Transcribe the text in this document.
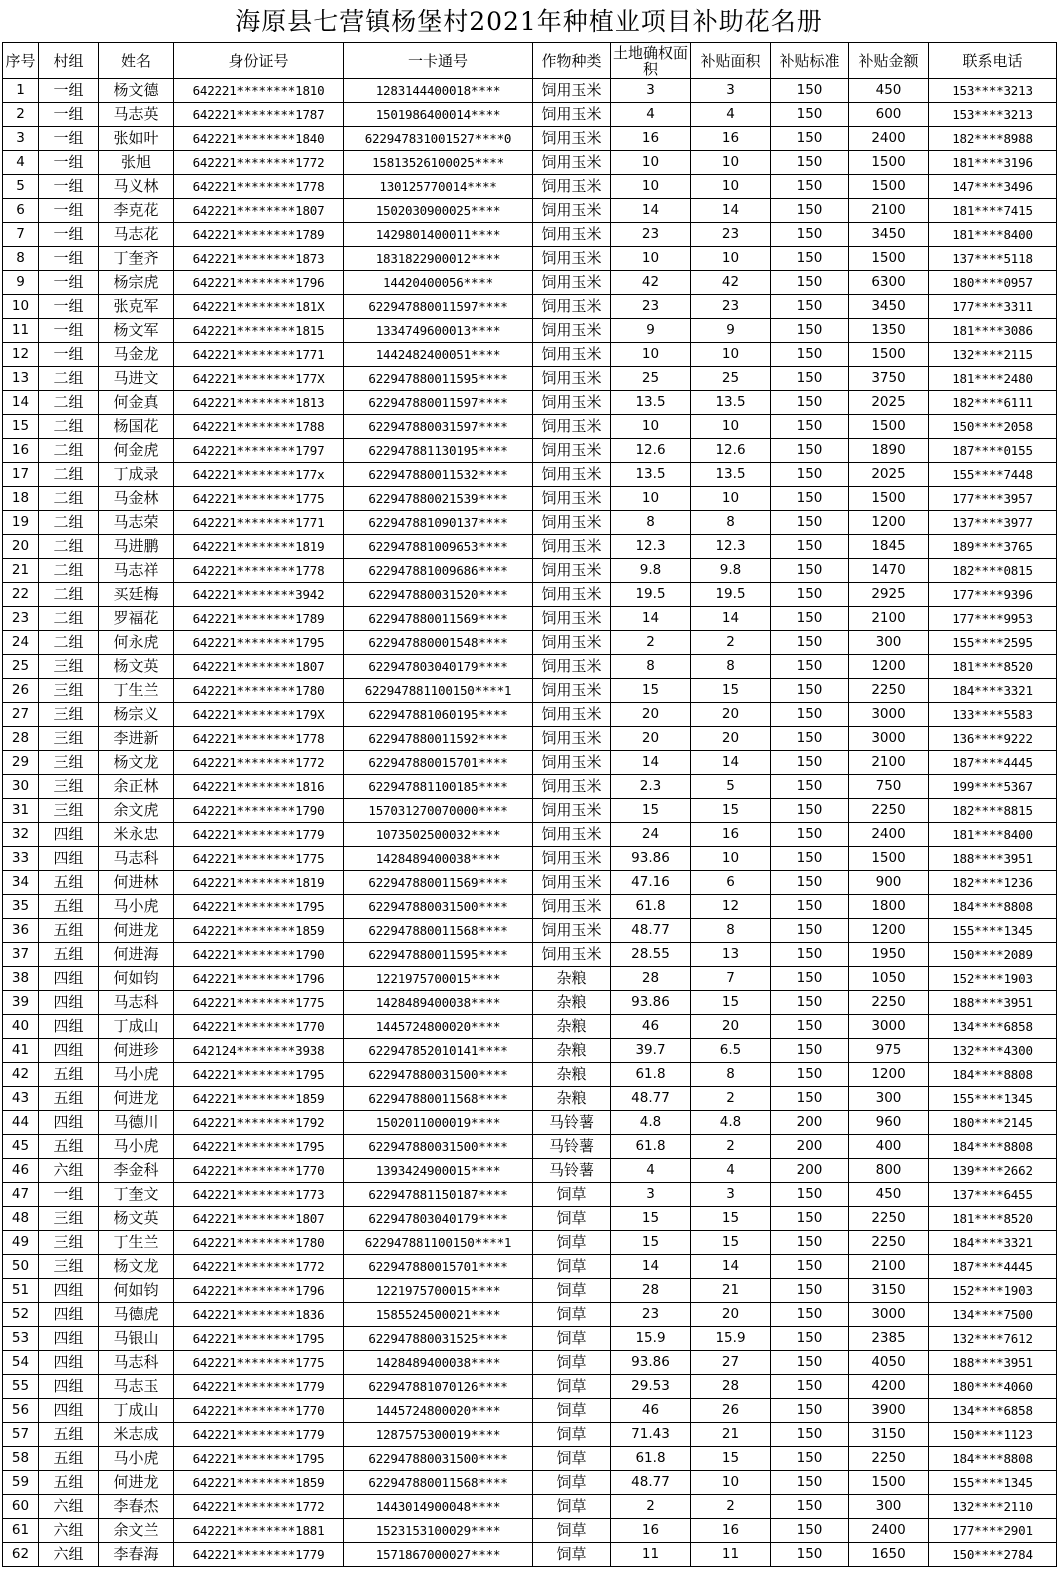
海原县七营镇杨堡村2021年种植业项目补助花名册
序号	村组	姓名	身份证号	一卡通号	作物种类	土地确权面积	补贴面积	补贴标准	补贴金额	联系电话
1	一组	杨文德	642221********1810	1283144400018****	饲用玉米	3	3	150	450	153****3213
2	一组	马志英	642221********1787	1501986400014****	饲用玉米	4	4	150	600	153****3213
3	一组	张如叶	642221********1840	622947831001527****0	饲用玉米	16	16	150	2400	182****8988
4	一组	张旭	642221********1772	15813526100025****	饲用玉米	10	10	150	1500	181****3196
5	一组	马义林	642221********1778	130125770014****	饲用玉米	10	10	150	1500	147****3496
6	一组	李克花	642221********1807	1502030900025****	饲用玉米	14	14	150	2100	181****7415
7	一组	马志花	642221********1789	1429801400011****	饲用玉米	23	23	150	3450	181****8400
8	一组	丁奎齐	642221********1873	1831822900012****	饲用玉米	10	10	150	1500	137****5118
9	一组	杨宗虎	642221********1796	14420400056****	饲用玉米	42	42	150	6300	180****0957
10	一组	张克军	642221********181X	622947880011597****	饲用玉米	23	23	150	3450	177****3311
11	一组	杨文军	642221********1815	1334749600013****	饲用玉米	9	9	150	1350	181****3086
12	一组	马金龙	642221********1771	1442482400051****	饲用玉米	10	10	150	1500	132****2115
13	二组	马进文	642221********177X	622947880011595****	饲用玉米	25	25	150	3750	181****2480
14	二组	何金真	642221********1813	622947880011597****	饲用玉米	13.5	13.5	150	2025	182****6111
15	二组	杨国花	642221********1788	622947880031597****	饲用玉米	10	10	150	1500	150****2058
16	二组	何金虎	642221********1797	622947881130195****	饲用玉米	12.6	12.6	150	1890	187****0155
17	二组	丁成录	642221********177x	622947880011532****	饲用玉米	13.5	13.5	150	2025	155****7448
18	二组	马金林	642221********1775	622947880021539****	饲用玉米	10	10	150	1500	177****3957
19	二组	马志荣	642221********1771	622947881090137****	饲用玉米	8	8	150	1200	137****3977
20	二组	马进鹏	642221********1819	622947881009653****	饲用玉米	12.3	12.3	150	1845	189****3765
21	二组	马志祥	642221********1778	622947881009686****	饲用玉米	9.8	9.8	150	1470	182****0815
22	二组	买廷梅	642221********3942	622947880031520****	饲用玉米	19.5	19.5	150	2925	177****9396
23	二组	罗福花	642221********1789	622947880011569****	饲用玉米	14	14	150	2100	177****9953
24	二组	何永虎	642221********1795	622947880001548****	饲用玉米	2	2	150	300	155****2595
25	三组	杨文英	642221********1807	622947803040179****	饲用玉米	8	8	150	1200	181****8520
26	三组	丁生兰	642221********1780	622947881100150****1	饲用玉米	15	15	150	2250	184****3321
27	三组	杨宗义	642221********179X	622947881060195****	饲用玉米	20	20	150	3000	133****5583
28	三组	李进新	642221********1778	622947880011592****	饲用玉米	20	20	150	3000	136****9222
29	三组	杨文龙	642221********1772	622947880015701****	饲用玉米	14	14	150	2100	187****4445
30	三组	余正林	642221********1816	622947881100185****	饲用玉米	2.3	5	150	750	199****5367
31	三组	余文虎	642221********1790	157031270070000****	饲用玉米	15	15	150	2250	182****8815
32	四组	米永忠	642221********1779	1073502500032****	饲用玉米	24	16	150	2400	181****8400
33	四组	马志科	642221********1775	1428489400038****	饲用玉米	93.86	10	150	1500	188****3951
34	五组	何进林	642221********1819	622947880011569****	饲用玉米	47.16	6	150	900	182****1236
35	五组	马小虎	642221********1795	622947880031500****	饲用玉米	61.8	12	150	1800	184****8808
36	五组	何进龙	642221********1859	622947880011568****	饲用玉米	48.77	8	150	1200	155****1345
37	五组	何进海	642221********1790	622947880011595****	饲用玉米	28.55	13	150	1950	150****2089
38	四组	何如钧	642221********1796	1221975700015****	杂粮	28	7	150	1050	152****1903
39	四组	马志科	642221********1775	1428489400038****	杂粮	93.86	15	150	2250	188****3951
40	四组	丁成山	642221********1770	1445724800020****	杂粮	46	20	150	3000	134****6858
41	四组	何进珍	642124********3938	622947852010141****	杂粮	39.7	6.5	150	975	132****4300
42	五组	马小虎	642221********1795	622947880031500****	杂粮	61.8	8	150	1200	184****8808
43	五组	何进龙	642221********1859	622947880011568****	杂粮	48.77	2	150	300	155****1345
44	四组	马德川	642221********1792	1502011000019****	马铃薯	4.8	4.8	200	960	180****2145
45	五组	马小虎	642221********1795	622947880031500****	马铃薯	61.8	2	200	400	184****8808
46	六组	李金科	642221********1770	1393424900015****	马铃薯	4	4	200	800	139****2662
47	一组	丁奎文	642221********1773	622947881150187****	饲草	3	3	150	450	137****6455
48	三组	杨文英	642221********1807	622947803040179****	饲草	15	15	150	2250	181****8520
49	三组	丁生兰	642221********1780	622947881100150****1	饲草	15	15	150	2250	184****3321
50	三组	杨文龙	642221********1772	622947880015701****	饲草	14	14	150	2100	187****4445
51	四组	何如钧	642221********1796	1221975700015****	饲草	28	21	150	3150	152****1903
52	四组	马德虎	642221********1836	1585524500021****	饲草	23	20	150	3000	134****7500
53	四组	马银山	642221********1795	622947880031525****	饲草	15.9	15.9	150	2385	132****7612
54	四组	马志科	642221********1775	1428489400038****	饲草	93.86	27	150	4050	188****3951
55	四组	马志玉	642221********1779	622947881070126****	饲草	29.53	28	150	4200	180****4060
56	四组	丁成山	642221********1770	1445724800020****	饲草	46	26	150	3900	134****6858
57	五组	米志成	642221********1779	1287575300019****	饲草	71.43	21	150	3150	150****1123
58	五组	马小虎	642221********1795	622947880031500****	饲草	61.8	15	150	2250	184****8808
59	五组	何进龙	642221********1859	622947880011568****	饲草	48.77	10	150	1500	155****1345
60	六组	李春杰	642221********1772	1443014900048****	饲草	2	2	150	300	132****2110
61	六组	余文兰	642221********1881	1523153100029****	饲草	16	16	150	2400	177****2901
62	六组	李春海	642221********1779	1571867000027****	饲草	11	11	150	1650	150****2784
